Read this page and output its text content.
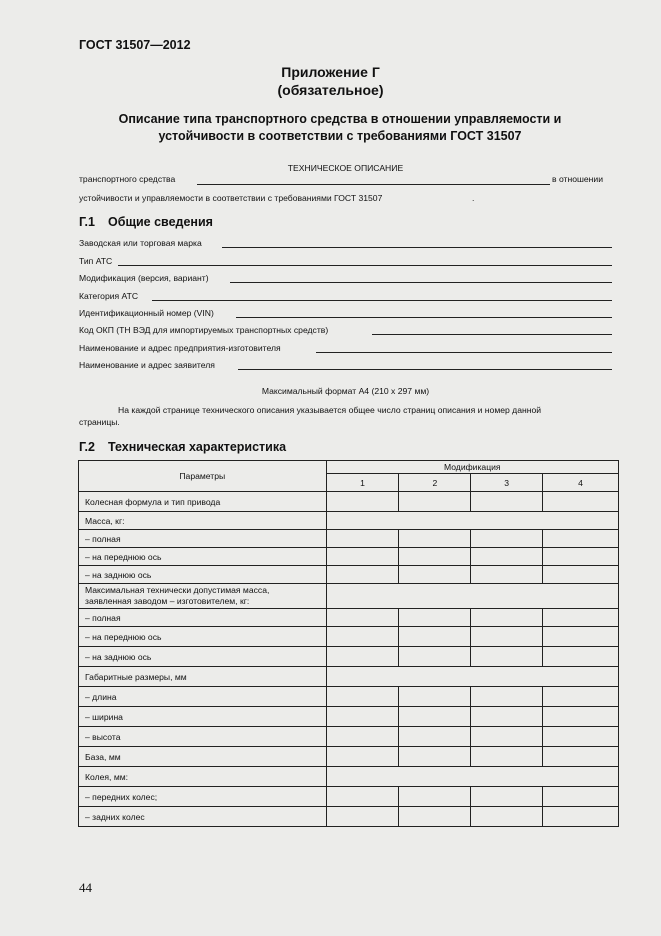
ГОСТ 31507—2012
Приложение Г
(обязательное)
Описание типа транспортного средства в отношении управляемости и
устойчивости в соответствии с требованиями ГОСТ 31507
ТЕХНИЧЕСКОЕ ОПИСАНИЕ
транспортного средства	в отношении
устойчивости и управляемости в соответствии с требованиями ГОСТ 31507	.
Г.1 Общие сведения
Заводская или торговая марка
Тип АТС
Модификация (версия, вариант)
Категория АТС
Идентификационный номер (VIN)
Код ОКП (ТН ВЭД для импортируемых транспортных средств)
Наименование и адрес предприятия-изготовителя
Наименование и адрес заявителя
Максимальный формат А4 (210 х 297 мм)
На каждой странице технического описания указывается общее число страниц описания и номер данной
страницы.
Г.2 Техническая характеристика
Параметры	Модификация			
	1	2	3	4
Колесная формула и тип привода				
Масса, кг:				
– полная				
– на переднюю ось				
– на заднюю ось				

Максимальная технически допустимая масса,
заявленная заводом – изготовителем, кг:				

– полная				
– на переднюю ось				
– на заднюю ось				
Габаритные размеры, мм				
– длина				
– ширина				
– высота				
База, мм				
Колея, мм:				
– передних колес;				
– задних колес				
44
